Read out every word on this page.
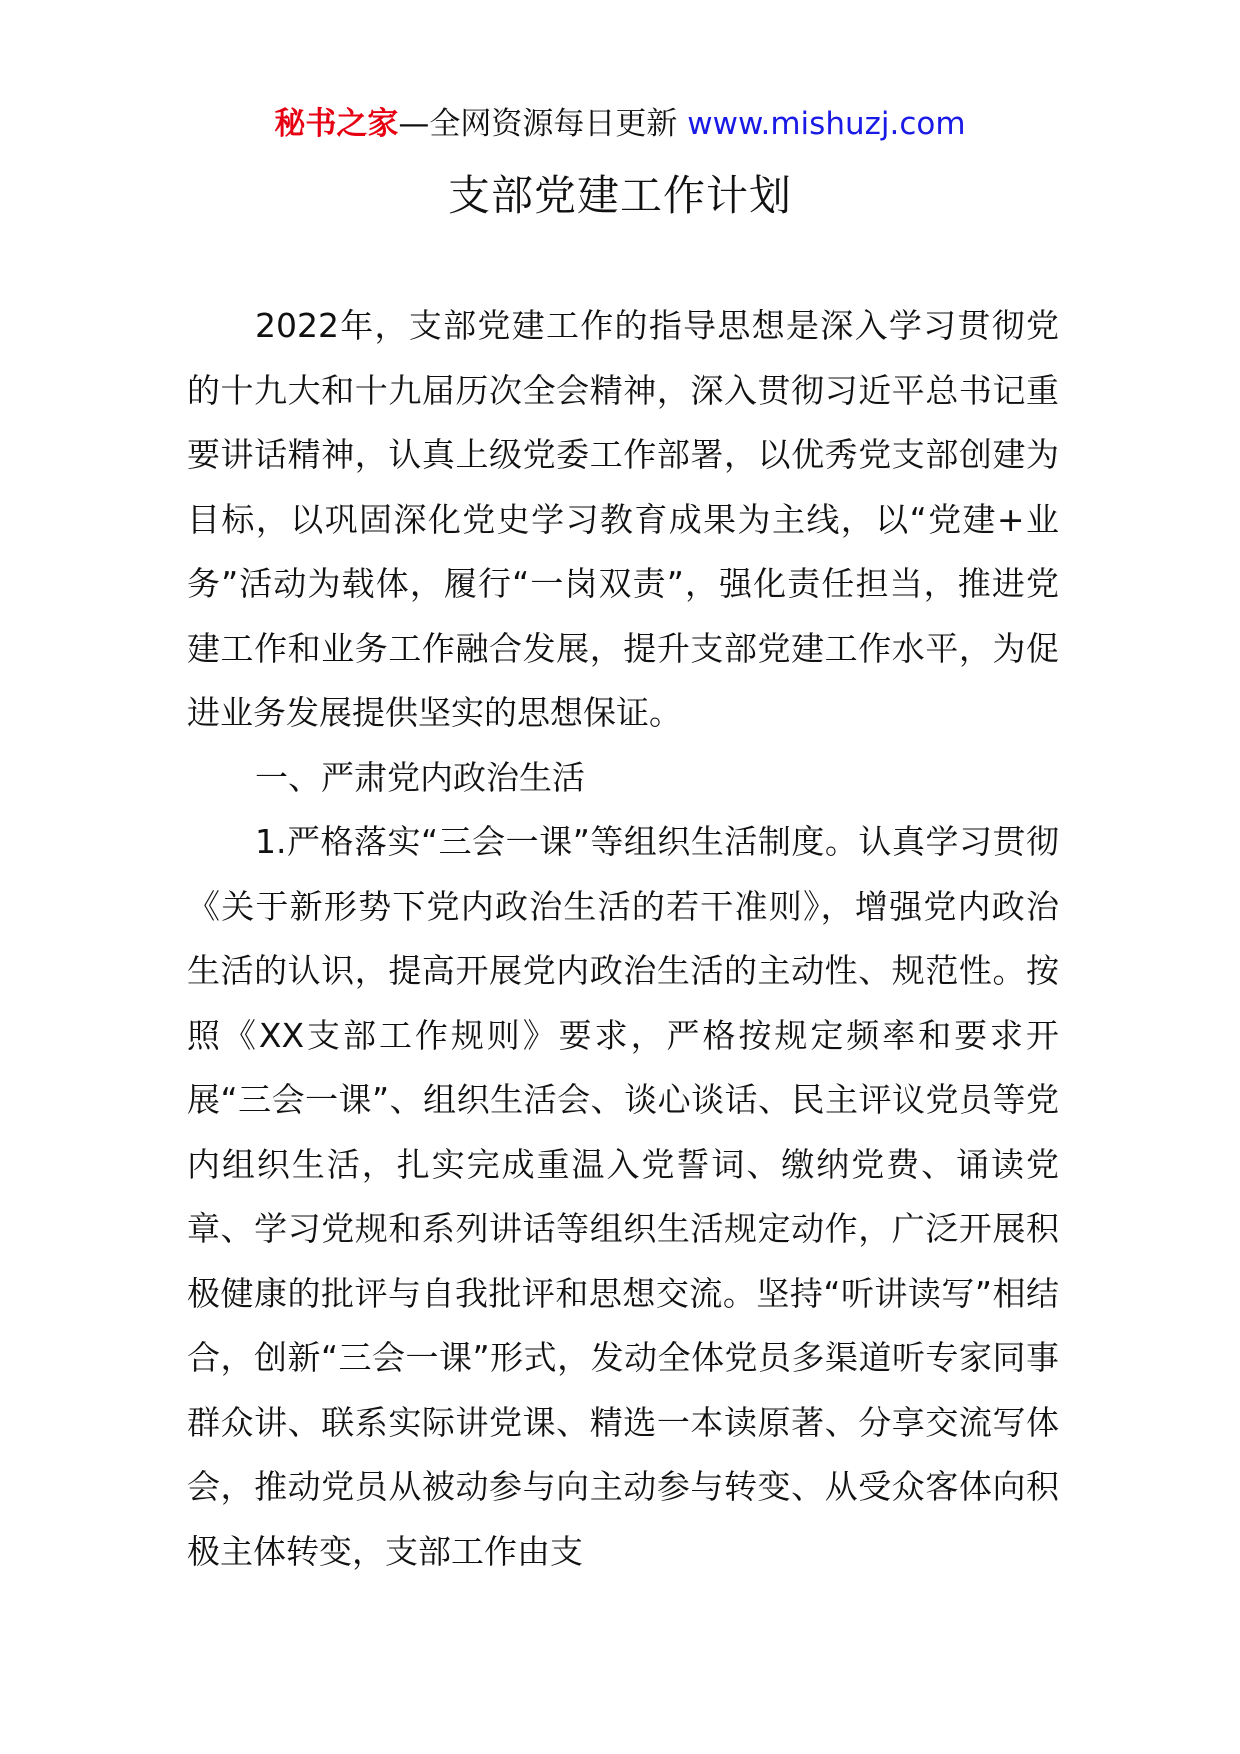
秘书之家—全网资源每日更新 www.mishuzj.com
支部党建工作计划

2022年，支部党建工作的指导思想是深入学习贯彻党的十九大和十九届历次全会精神，深入贯彻习近平总书记重要讲话精神，认真上级党委工作部署，以优秀党支部创建为目标，以巩固深化党史学习教育成果为主线，以“党建+业务”活动为载体，履行“一岗双责”，强化责任担当，推进党建工作和业务工作融合发展，提升支部党建工作水平，为促进业务发展提供坚实的思想保证。

一、严肃党内政治生活

1.严格落实“三会一课”等组织生活制度。认真学习贯彻《关于新形势下党内政治生活的若干准则》，增强党内政治生活的认识，提高开展党内政治生活的主动性、规范性。按照《XX支部工作规则》要求，严格按规定频率和要求开展“三会一课”、组织生活会、谈心谈话、民主评议党员等党内组织生活，扎实完成重温入党誓词、缴纳党费、诵读党章、学习党规和系列讲话等组织生活规定动作，广泛开展积极健康的批评与自我批评和思想交流。坚持“听讲读写”相结合，创新“三会一课”形式，发动全体党员多渠道听专家同事群众讲、联系实际讲党课、精选一本读原著、分享交流写体会，推动党员从被动参与向主动参与转变、从受众客体向积极主体转变，支部工作由支
